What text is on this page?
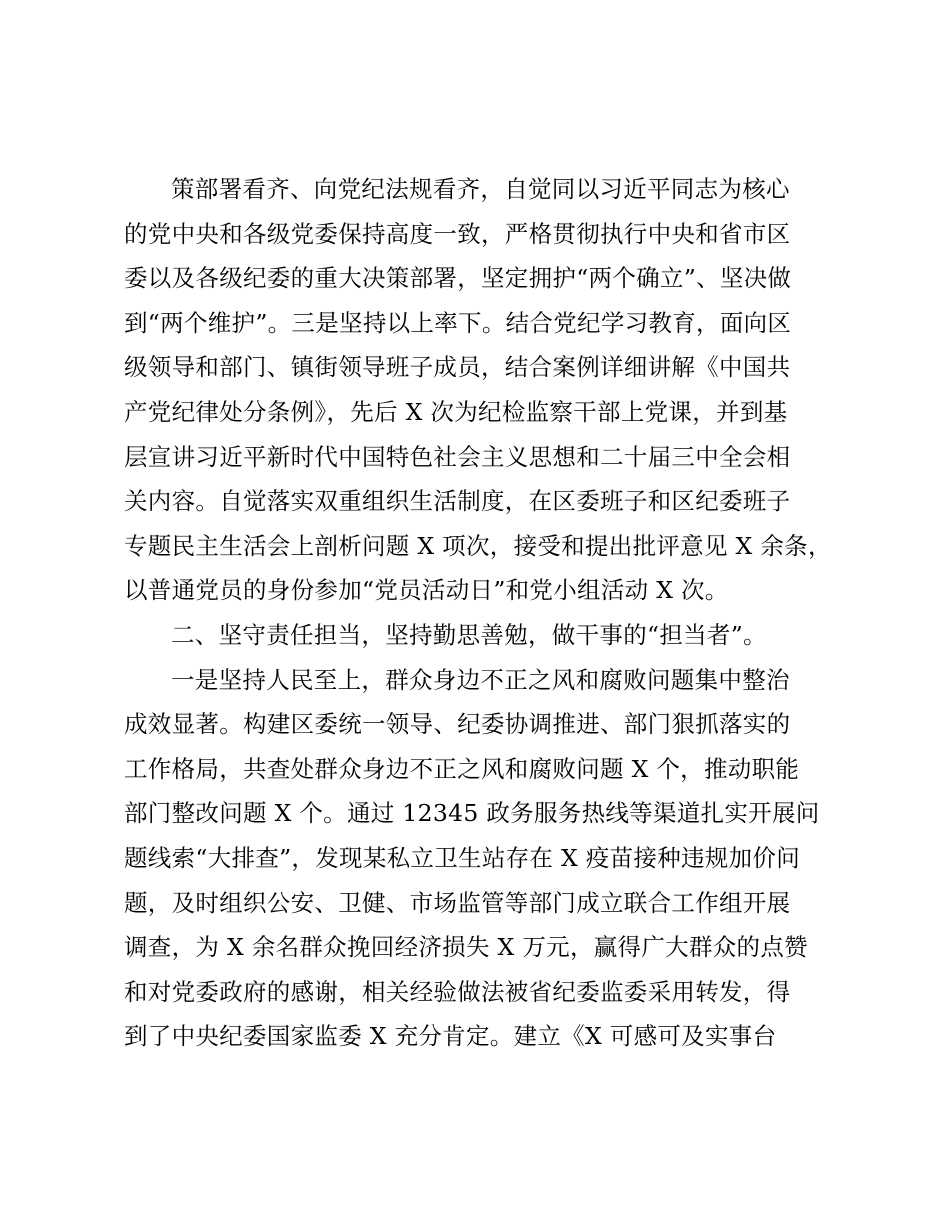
策部署看齐、向党纪法规看齐，自觉同以习近平同志为核心
的党中央和各级党委保持高度一致，严格贯彻执行中央和省市区
委以及各级纪委的重大决策部署，坚定拥护“两个确立”、坚决做
到“两个维护”。三是坚持以上率下。结合党纪学习教育，面向区
级领导和部门、镇街领导班子成员，结合案例详细讲解《中国共
产党纪律处分条例》，先后 X 次为纪检监察干部上党课，并到基
层宣讲习近平新时代中国特色社会主义思想和二十届三中全会相
关内容。自觉落实双重组织生活制度，在区委班子和区纪委班子
专题民主生活会上剖析问题 X 项次，接受和提出批评意见 X 余条，
以普通党员的身份参加“党员活动日”和党小组活动 X 次。
二、坚守责任担当，坚持勤思善勉，做干事的“担当者”。
一是坚持人民至上，群众身边不正之风和腐败问题集中整治
成效显著。构建区委统一领导、纪委协调推进、部门狠抓落实的
工作格局，共查处群众身边不正之风和腐败问题 X 个，推动职能
部门整改问题 X 个。通过 12345 政务服务热线等渠道扎实开展问
题线索“大排查”，发现某私立卫生站存在 X 疫苗接种违规加价问
题，及时组织公安、卫健、市场监管等部门成立联合工作组开展
调查，为 X 余名群众挽回经济损失 X 万元，赢得广大群众的点赞
和对党委政府的感谢，相关经验做法被省纪委监委采用转发，得
到了中央纪委国家监委 X 充分肯定。建立《X 可感可及实事台
